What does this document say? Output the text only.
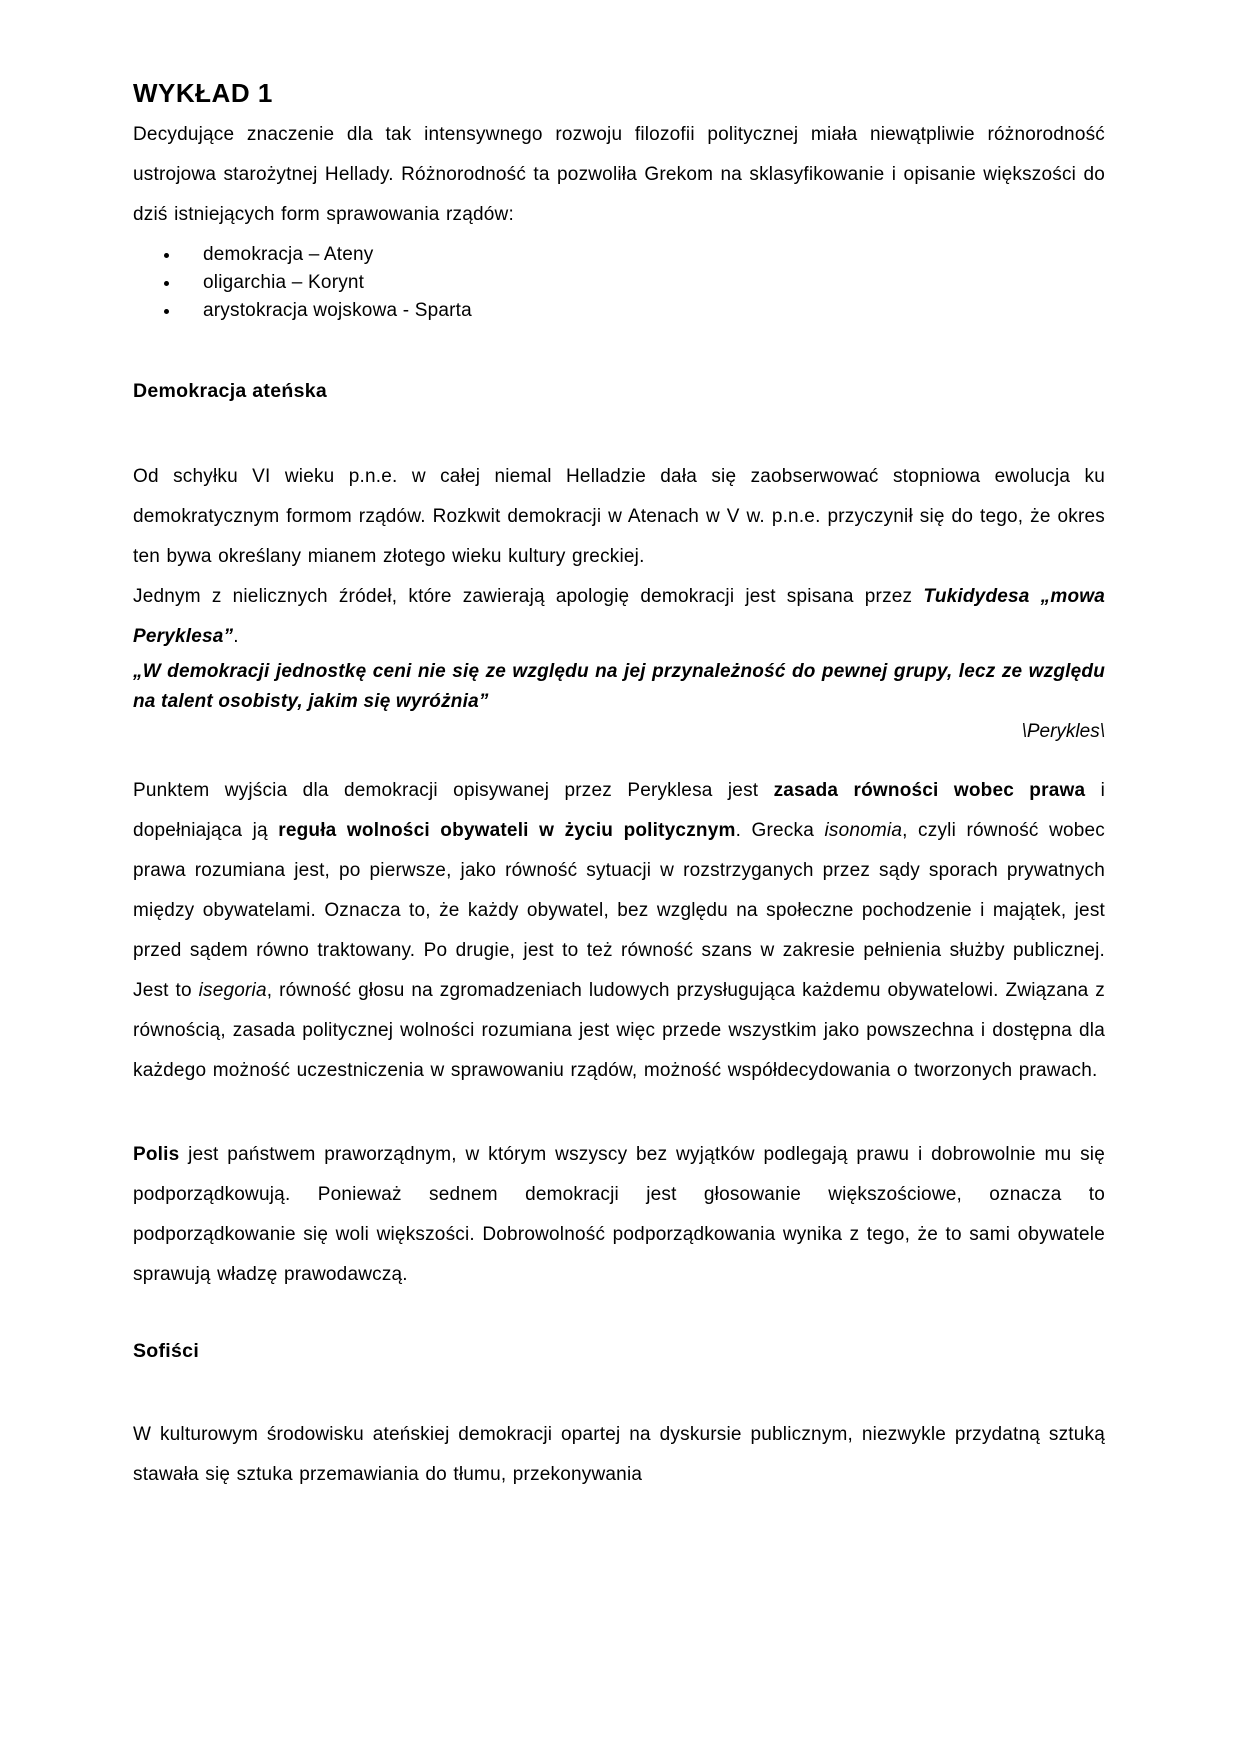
WYKŁAD 1

Decydujące znaczenie dla tak intensywnego rozwoju filozofii politycznej miała niewątpliwie różnorodność ustrojowa starożytnej Hellady. Różnorodność ta pozwoliła Grekom na sklasyfikowanie i opisanie większości do dziś istniejących form sprawowania rządów:

• demokracja – Ateny
• oligarchia – Korynt
• arystokracja wojskowa - Sparta
Demokracja ateńska

Od schyłku VI wieku p.n.e. w całej niemal Helladzie dała się zaobserwować stopniowa ewolucja ku demokratycznym formom rządów. Rozkwit demokracji w Atenach w V w. p.n.e. przyczynił się do tego, że okres ten bywa określany mianem złotego wieku kultury greckiej.

Jednym z nielicznych źródeł, które zawierają apologię demokracji jest spisana przez Tukidydesa „mowa Peryklesa”.

„W demokracji jednostkę ceni nie się ze względu na jej przynależność do pewnej grupy, lecz ze względu na talent osobisty, jakim się wyróżnia”

\Perykles\

Punktem wyjścia dla demokracji opisywanej przez Peryklesa jest zasada równości wobec prawa i dopełniająca ją reguła wolności obywateli w życiu politycznym. Grecka isonomia, czyli równość wobec prawa rozumiana jest, po pierwsze, jako równość sytuacji w rozstrzyganych przez sądy sporach prywatnych między obywatelami. Oznacza to, że każdy obywatel, bez względu na społeczne pochodzenie i majątek, jest przed sądem równo traktowany. Po drugie, jest to też równość szans w zakresie pełnienia służby publicznej. Jest to isegoria, równość głosu na zgromadzeniach ludowych przysługująca każdemu obywatelowi. Związana z równością, zasada politycznej wolności rozumiana jest więc przede wszystkim jako powszechna i dostępna dla każdego możność uczestniczenia w sprawowaniu rządów, możność współdecydowania o tworzonych prawach.

Polis jest państwem praworządnym, w którym wszyscy bez wyjątków podlegają prawu i dobrowolnie mu się podporządkowują. Ponieważ sednem demokracji jest głosowanie większościowe, oznacza to podporządkowanie się woli większości. Dobrowolność podporządkowania wynika z tego, że to sami obywatele sprawują władzę prawodawczą.

Sofiści

W kulturowym środowisku ateńskiej demokracji opartej na dyskursie publicznym, niezwykle przydatną sztuką stawała się sztuka przemawiania do tłumu, przekonywania
